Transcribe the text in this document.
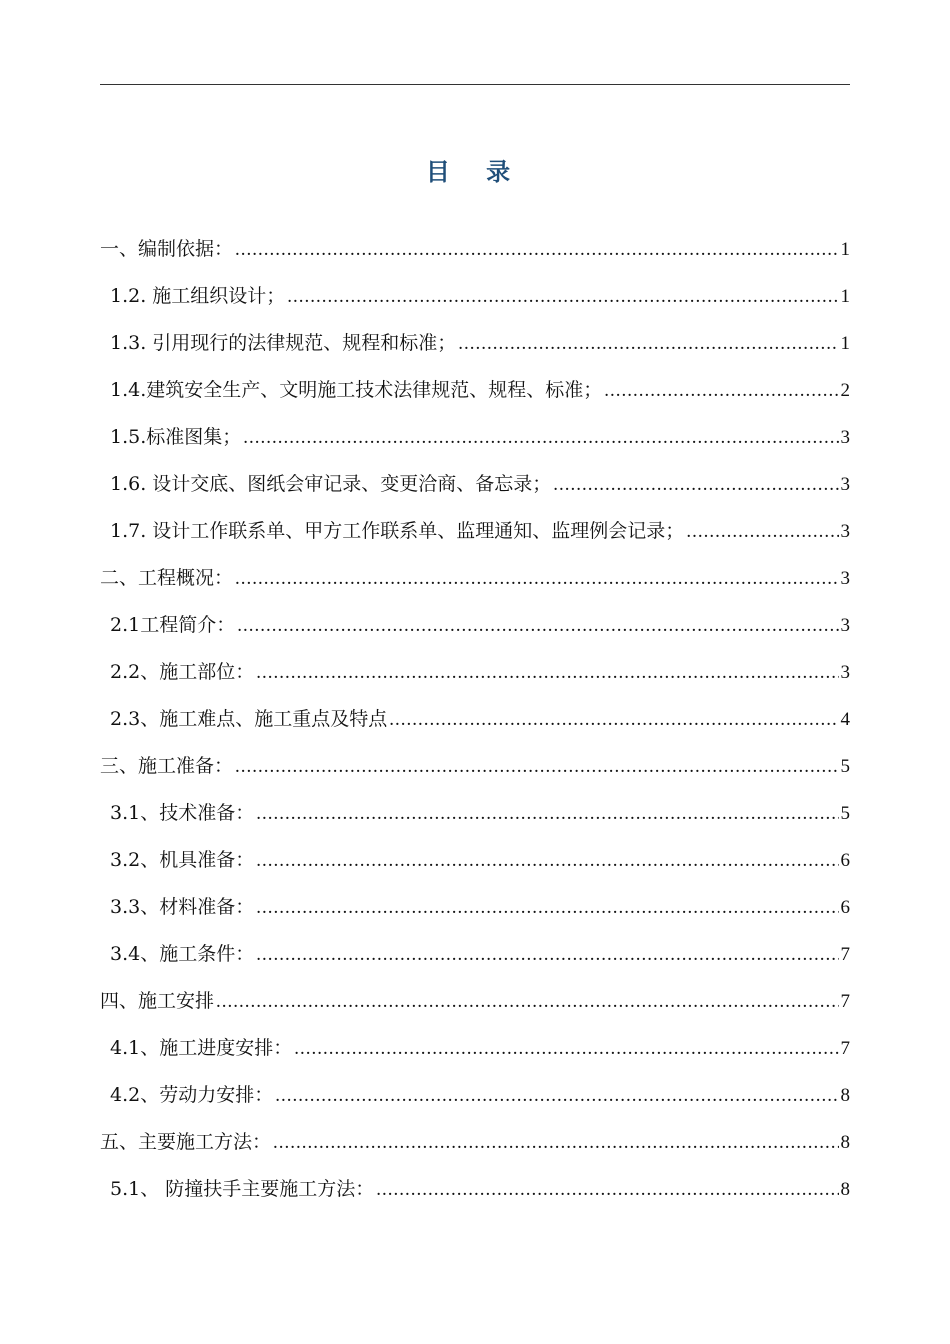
目 录
一、编制依据： .....	1
1.2. 施工组织设计； .....	1
1.3. 引用现行的法律规范、规程和标准； .....	1
1.4.建筑安全生产、文明施工技术法律规范、规程、标准； .....	2
1.5.标准图集； .....	3
1.6. 设计交底、图纸会审记录、变更洽商、备忘录； .....	3
1.7. 设计工作联系单、甲方工作联系单、监理通知、监理例会记录； .....	3
二、工程概况： .....	3
2.1工程简介： .....	3
2.2、施工部位： .....	3
2.3、施工难点、施工重点及特点 .....	4
三、施工准备： .....	5
3.1、技术准备： .....	5
3.2、机具准备： .....	6
3.3、材料准备： .....	6
3.4、施工条件： .....	7
四、施工安排 .....	7
4.1、施工进度安排： .....	7
4.2、劳动力安排： .....	8
五、主要施工方法： .....	8
5.1、 防撞扶手主要施工方法： .....	8
